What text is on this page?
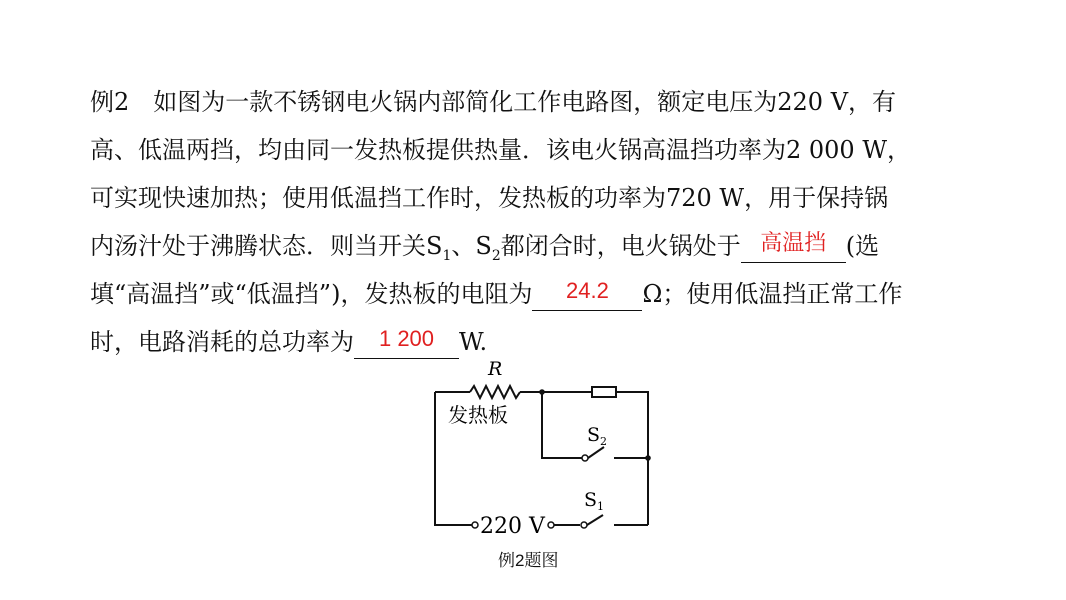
例2　如图为一款不锈钢电火锅内部简化工作电路图，额定电压为220 V，有
高、低温两挡，均由同一发热板提供热量．该电火锅高温挡功率为2 000 W，
可实现快速加热；使用低温挡工作时，发热板的功率为720 W，用于保持锅
内汤汁处于沸腾状态．则当开关$S_1$、$S_2$都闭合时，电火锅处于 高温挡 (选
填“高温挡”或“低温挡”)，发热板的电阻为 24.2 Ω；使用低温挡正常工作
时，电路消耗的总功率为 1 200 W.
R
发热板
$S_2$
$S_1$
220 V
例2题图
